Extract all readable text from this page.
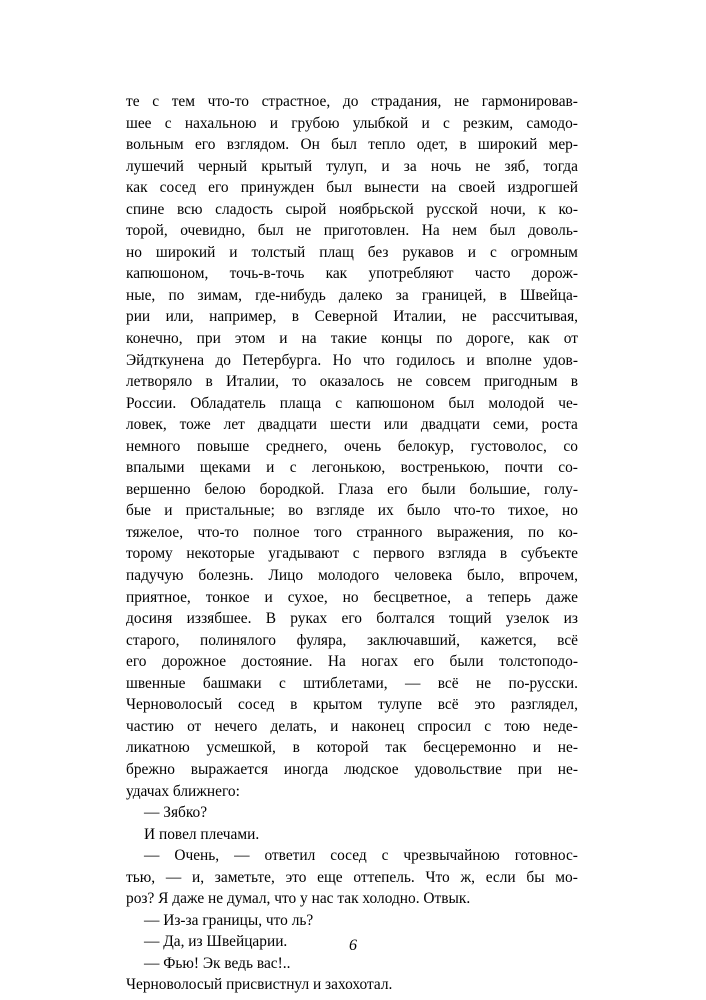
те с тем что-то страстное, до страдания, не гармонировав-
шее с нахальною и грубою улыбкой и с резким, самодо-
вольным его взглядом. Он был тепло одет, в широкий мер-
лушечий черный крытый тулуп, и за ночь не зяб, тогда
как сосед его принужден был вынести на своей издрогшей
спине всю сладость сырой ноябрьской русской ночи, к ко-
торой, очевидно, был не приготовлен. На нем был доволь-
но широкий и толстый плащ без рукавов и с огромным
капюшоном, точь-в-точь как употребляют часто дорож-
ные, по зимам, где-нибудь далеко за границей, в Швейца-
рии или, например, в Северной Италии, не рассчитывая,
конечно, при этом и на такие концы по дороге, как от
Эйдткунена до Петербурга. Но что годилось и вполне удов-
летворяло в Италии, то оказалось не совсем пригодным в
России. Обладатель плаща с капюшоном был молодой че-
ловек, тоже лет двадцати шести или двадцати семи, роста
немного повыше среднего, очень белокур, густоволос, со
впалыми щеками и с легонькою, востренькою, почти со-
вершенно белою бородкой. Глаза его были большие, голу-
бые и пристальные; во взгляде их было что-то тихое, но
тяжелое, что-то полное того странного выражения, по ко-
торому некоторые угадывают с первого взгляда в субъекте
падучую болезнь. Лицо молодого человека было, впрочем,
приятное, тонкое и сухое, но бесцветное, а теперь даже
досиня иззябшее. В руках его болтался тощий узелок из
старого, полинялого фуляра, заключавший, кажется, всё
его дорожное достояние. На ногах его были толстоподо-
швенные башмаки с штиблетами, — всё не по-русски.
Черноволосый сосед в крытом тулупе всё это разглядел,
частию от нечего делать, и наконец спросил с тою неде-
ликатною усмешкой, в которой так бесцеремонно и не-
брежно выражается иногда людское удовольствие при не-
удачах ближнего:
— Зябко?
И повел плечами.
— Очень, — ответил сосед с чрезвычайною готовнос-
тью, — и, заметьте, это еще оттепель. Что ж, если бы мо-
роз? Я даже не думал, что у нас так холодно. Отвык.
— Из-за границы, что ль?
— Да, из Швейцарии.
— Фью! Эк ведь вас!..
Черноволосый присвистнул и захохотал.
6
